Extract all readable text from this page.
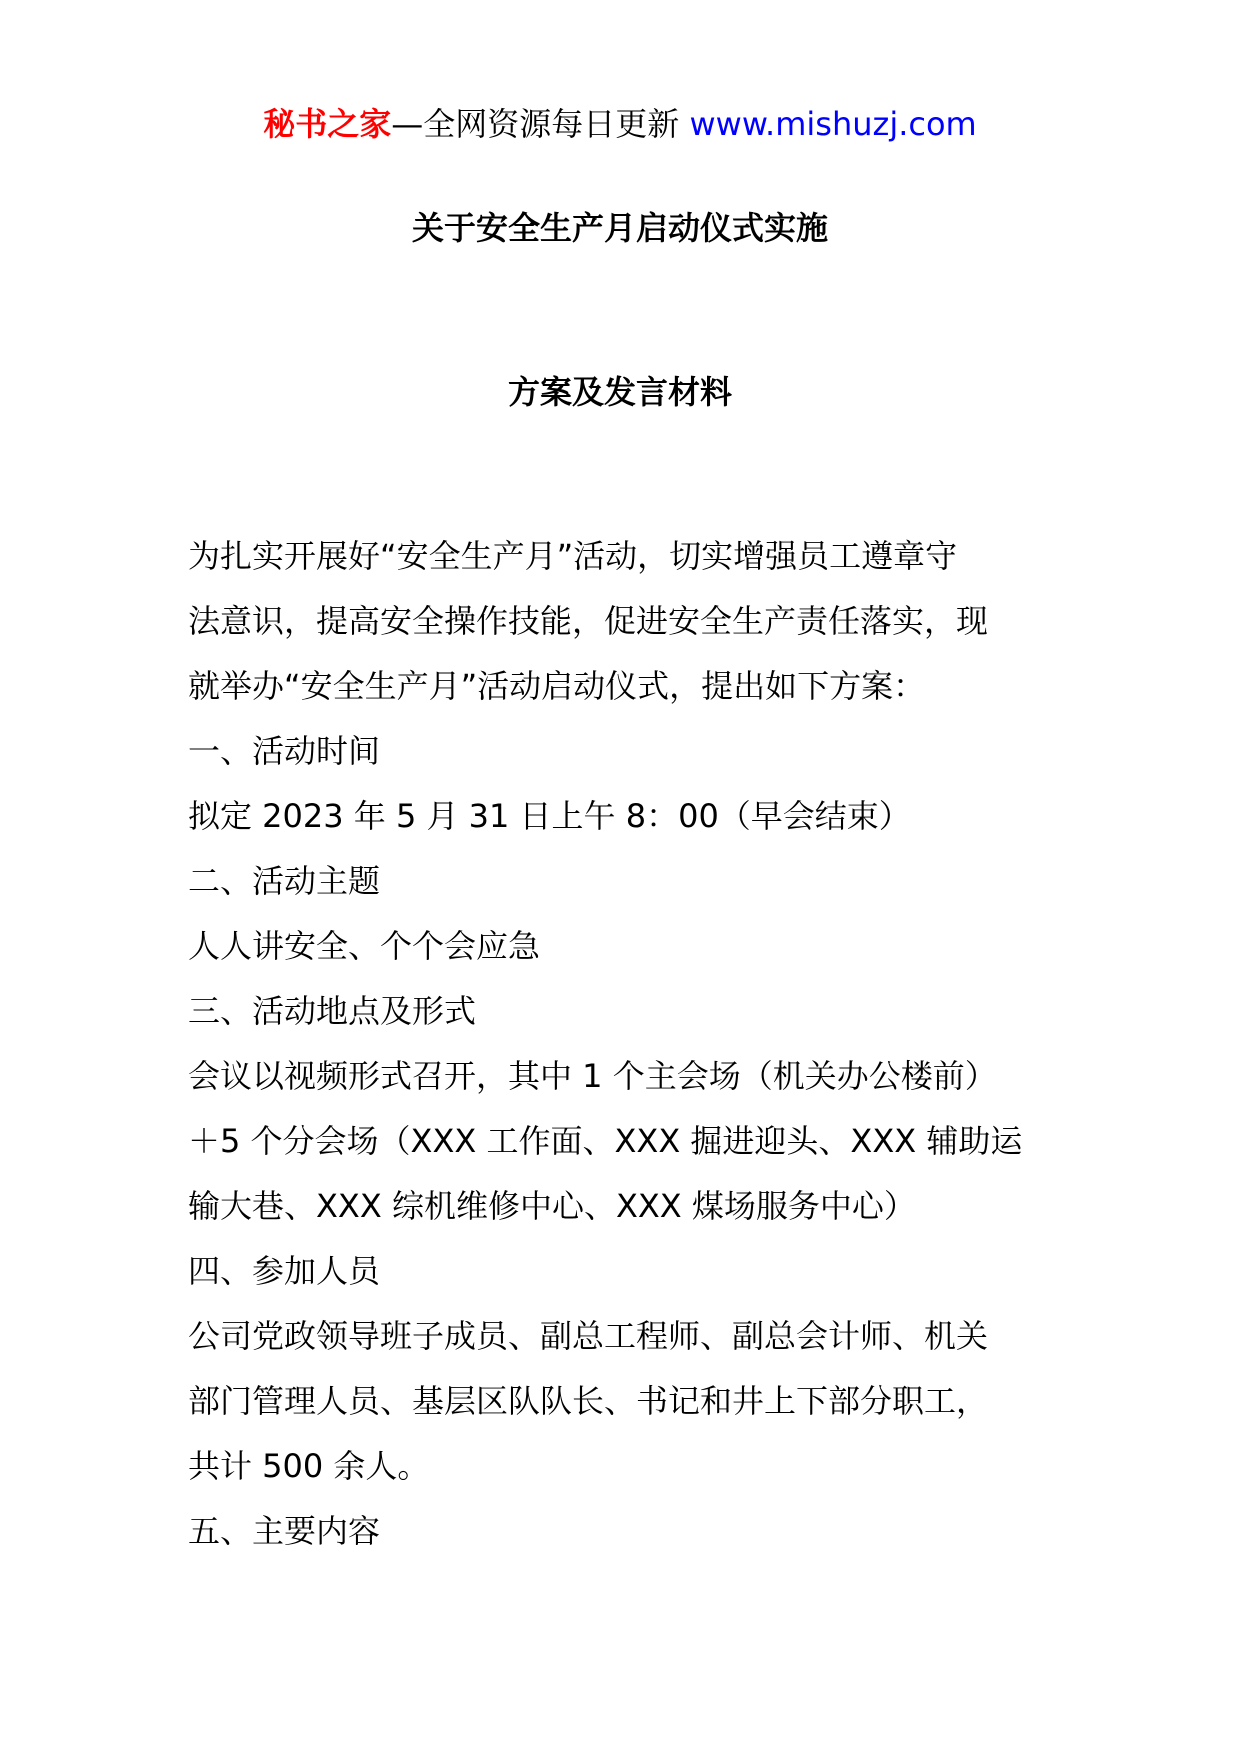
秘书之家—全网资源每日更新 www.mishuzj.com
关于安全生产月启动仪式实施
方案及发言材料

为扎实开展好“安全生产月”活动，切实增强员工遵章守

法意识，提高安全操作技能，促进安全生产责任落实，现

就举办“安全生产月”活动启动仪式，提出如下方案：

一、活动时间

拟定 2023 年 5 月 31 日上午 8：00（早会结束）

二、活动主题

人人讲安全、个个会应急

三、活动地点及形式

会议以视频形式召开，其中 1 个主会场（机关办公楼前）

＋5 个分会场（XXX 工作面、XXX 掘进迎头、XXX 辅助运

输大巷、XXX 综机维修中心、XXX 煤场服务中心）

四、参加人员

公司党政领导班子成员、副总工程师、副总会计师、机关

部门管理人员、基层区队队长、书记和井上下部分职工，

共计 500 余人。

五、主要内容
